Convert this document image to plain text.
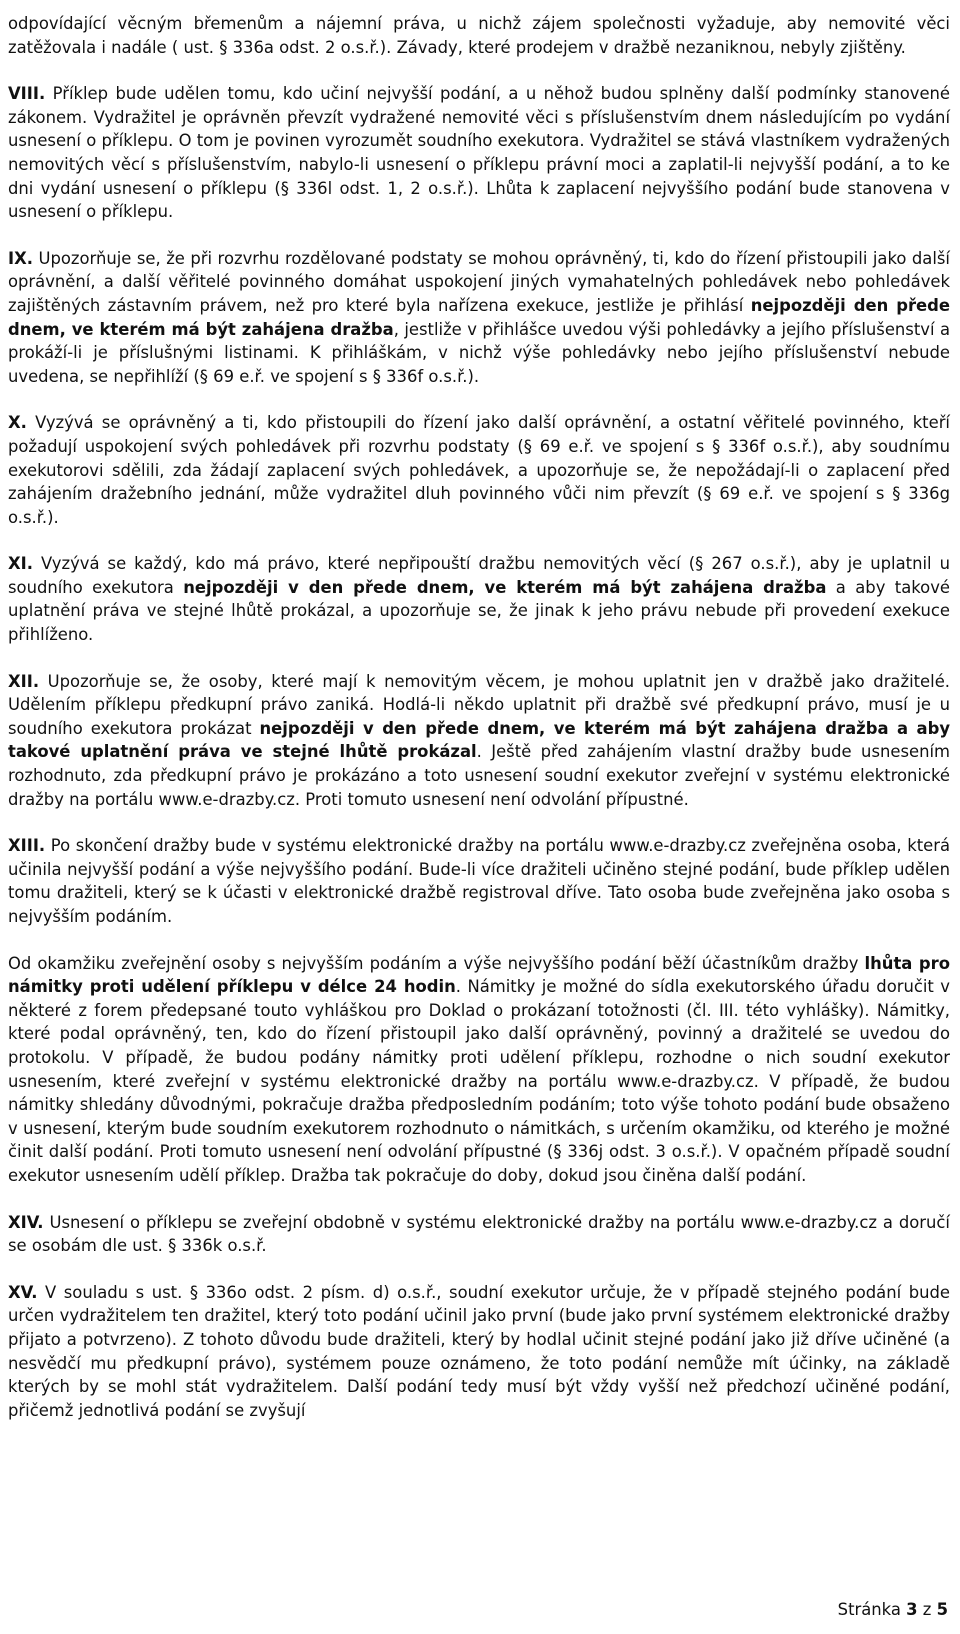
odpovídající věcným břemenům a nájemní práva, u nichž zájem společnosti vyžaduje, aby nemovité věci zatěžovala i nadále ( ust. § 336a odst. 2 o.s.ř.). Závady, které prodejem v dražbě nezaniknou, nebyly zjištěny.

VIII. Příklep bude udělen tomu, kdo učiní nejvyšší podání, a u něhož budou splněny další podmínky stanovené zákonem. Vydražitel je oprávněn převzít vydražené nemovité věci s příslušenstvím dnem následujícím po vydání usnesení o příklepu. O tom je povinen vyrozumět soudního exekutora. Vydražitel se stává vlastníkem vydražených nemovitých věcí s příslušenstvím, nabylo-li usnesení o příklepu právní moci a zaplatil-li nejvyšší podání, a to ke dni vydání usnesení o příklepu (§ 336l odst. 1, 2 o.s.ř.). Lhůta k zaplacení nejvyššího podání bude stanovena v usnesení o příklepu.

IX. Upozorňuje se, že při rozvrhu rozdělované podstaty se mohou oprávněný, ti, kdo do řízení přistoupili jako další oprávnění, a další věřitelé povinného domáhat uspokojení jiných vymahatelných pohledávek nebo pohledávek zajištěných zástavním právem, než pro které byla nařízena exekuce, jestliže je přihlásí nejpozději den přede dnem, ve kterém má být zahájena dražba, jestliže v přihlášce uvedou výši pohledávky a jejího příslušenství a prokáží-li je příslušnými listinami. K přihláškám, v nichž výše pohledávky nebo jejího příslušenství nebude uvedena, se nepřihlíží (§ 69 e.ř. ve spojení s § 336f o.s.ř.).

X. Vyzývá se oprávněný a ti, kdo přistoupili do řízení jako další oprávnění, a ostatní věřitelé povinného, kteří požadují uspokojení svých pohledávek při rozvrhu podstaty (§ 69 e.ř. ve spojení s § 336f o.s.ř.), aby soudnímu exekutorovi sdělili, zda žádají zaplacení svých pohledávek, a upozorňuje se, že nepožádají-li o zaplacení před zahájením dražebního jednání, může vydražitel dluh povinného vůči nim převzít (§ 69 e.ř. ve spojení s § 336g o.s.ř.).

XI. Vyzývá se každý, kdo má právo, které nepřipouští dražbu nemovitých věcí (§ 267 o.s.ř.), aby je uplatnil u soudního exekutora nejpozději v den přede dnem, ve kterém má být zahájena dražba a aby takové uplatnění práva ve stejné lhůtě prokázal, a upozorňuje se, že jinak k jeho právu nebude při provedení exekuce přihlíženo.

XII. Upozorňuje se, že osoby, které mají k nemovitým věcem, je mohou uplatnit jen v dražbě jako dražitelé. Udělením příklepu předkupní právo zaniká. Hodlá-li někdo uplatnit při dražbě své předkupní právo, musí je u soudního exekutora prokázat nejpozději v den přede dnem, ve kterém má být zahájena dražba a aby takové uplatnění práva ve stejné lhůtě prokázal. Ještě před zahájením vlastní dražby bude usnesením rozhodnuto, zda předkupní právo je prokázáno a toto usnesení soudní exekutor zveřejní v systému elektronické dražby na portálu www.e-drazby.cz. Proti tomuto usnesení není odvolání přípustné.

XIII. Po skončení dražby bude v systému elektronické dražby na portálu www.e-drazby.cz zveřejněna osoba, která učinila nejvyšší podání a výše nejvyššího podání. Bude-li více dražiteli učiněno stejné podání, bude příklep udělen tomu dražiteli, který se k účasti v elektronické dražbě registroval dříve. Tato osoba bude zveřejněna jako osoba s nejvyšším podáním.

Od okamžiku zveřejnění osoby s nejvyšším podáním a výše nejvyššího podání běží účastníkům dražby lhůta pro námitky proti udělení příklepu v délce 24 hodin. Námitky je možné do sídla exekutorského úřadu doručit v některé z forem předepsané touto vyhláškou pro Doklad o prokázaní totožnosti (čl. III. této vyhlášky). Námitky, které podal oprávněný, ten, kdo do řízení přistoupil jako další oprávněný, povinný a dražitelé se uvedou do protokolu. V případě, že budou podány námitky proti udělení příklepu, rozhodne o nich soudní exekutor usnesením, které zveřejní v systému elektronické dražby na portálu www.e-drazby.cz. V případě, že budou námitky shledány důvodnými, pokračuje dražba předposledním podáním; toto výše tohoto podání bude obsaženo v usnesení, kterým bude soudním exekutorem rozhodnuto o námitkách, s určením okamžiku, od kterého je možné činit další podání. Proti tomuto usnesení není odvolání přípustné (§ 336j odst. 3 o.s.ř.). V opačném případě soudní exekutor usnesením udělí příklep. Dražba tak pokračuje do doby, dokud jsou činěna další podání.

XIV. Usnesení o příklepu se zveřejní obdobně v systému elektronické dražby na portálu www.e-drazby.cz a doručí se osobám dle ust. § 336k o.s.ř.

XV. V souladu s ust. § 336o odst. 2 písm. d) o.s.ř., soudní exekutor určuje, že v případě stejného podání bude určen vydražitelem ten dražitel, který toto podání učinil jako první (bude jako první systémem elektronické dražby přijato a potvrzeno). Z tohoto důvodu bude dražiteli, který by hodlal učinit stejné podání jako již dříve učiněné (a nesvědčí mu předkupní právo), systémem pouze oznámeno, že toto podání nemůže mít účinky, na základě kterých by se mohl stát vydražitelem. Další podání tedy musí být vždy vyšší než předchozí učiněné podání, přičemž jednotlivá podání se zvyšují

Stránka 3 z 5
